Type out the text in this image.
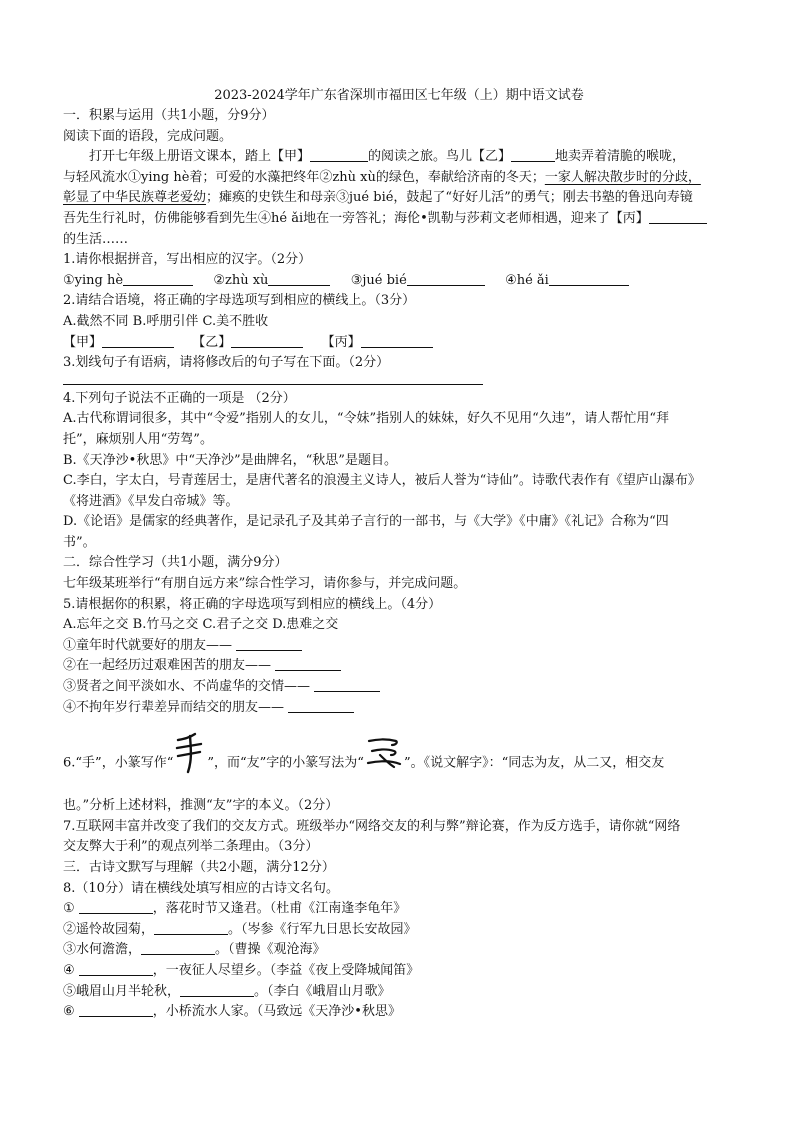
2023-2024学年广东省深圳市福田区七年级（上）期中语文试卷
一．积累与运用（共1小题，分9分）
阅读下面的语段，完成问题。
打开七年级上册语文课本，踏上【甲】	的阅读之旅。鸟儿【乙】	地卖弄着清脆的喉咙，
与轻风流水①ying hè着；可爱的水藻把终年②zhù xù的绿色，奉献给济南的冬天；一家人解决散步时的分歧，
彰显了中华民族尊老爱幼；瘫痪的史铁生和母亲③jué bié，鼓起了“好好儿活”的勇气；刚去书塾的鲁迅向寿镜
吾先生行礼时，仿佛能够看到先生④hé ǎi地在一旁答礼；海伦•凯勒与莎莉文老师相遇，迎来了【丙】
的生活……
1.请你根据拼音，写出相应的汉字。（2分）
①ying hè	②zhù xù	③jué bié	④hé ǎi
2.请结合语境，将正确的字母选项写到相应的横线上。（3分）
A.截然不同 B.呼朋引伴 C.美不胜收
【甲】	【乙】	【丙】
3.划线句子有语病，请将修改后的句子写在下面。（2分）
4.下列句子说法不正确的一项是 （2分）
A.古代称谓词很多，其中“令爱”指别人的女儿，“令妹”指别人的妹妹，好久不见用“久违”，请人帮忙用“拜
托”，麻烦别人用“劳驾”。
B.《天净沙•秋思》中“天净沙”是曲牌名，“秋思”是题目。
C.李白，字太白，号青莲居士，是唐代著名的浪漫主义诗人，被后人誉为“诗仙”。诗歌代表作有《望庐山瀑布》
《将进酒》《早发白帝城》等。
D.《论语》是儒家的经典著作，是记录孔子及其弟子言行的一部书，与《大学》《中庸》《礼记》合称为“四
书”。
二．综合性学习（共1小题，满分9分）
七年级某班举行“有朋自远方来”综合性学习，请你参与，并完成问题。
5.请根据你的积累，将正确的字母选项写到相应的横线上。（4分）
A.忘年之交 B.竹马之交 C.君子之交 D.患难之交
①童年时代就要好的朋友——
②在一起经历过艰难困苦的朋友——
③贤者之间平淡如水、不尚虚华的交情——
④不拘年岁行辈差异而结交的朋友——
6.“手”，小篆写作“	”，而“友”字的小篆写法为“	”。《说文解字》：“同志为友，从二又，相交友
也。”分析上述材料，推测“友”字的本义。（2分）
7.互联网丰富并改变了我们的交友方式。班级举办“网络交友的利与弊”辩论赛，作为反方选手，请你就“网络
交友弊大于利”的观点列举二条理由。（3分）
三．古诗文默写与理解（共2小题，满分12分）
8.（10分）请在横线处填写相应的古诗文名句。
①	，落花时节又逢君。（杜甫《江南逢李龟年》
②遥怜故园菊，	。（岑参《行军九日思长安故园》
③水何澹澹，	。（曹操《观沧海》
④	，一夜征人尽望乡。（李益《夜上受降城闻笛》
⑤峨眉山月半轮秋，	。（李白《峨眉山月歌》
⑥	，小桥流水人家。（马致远《天净沙•秋思》
